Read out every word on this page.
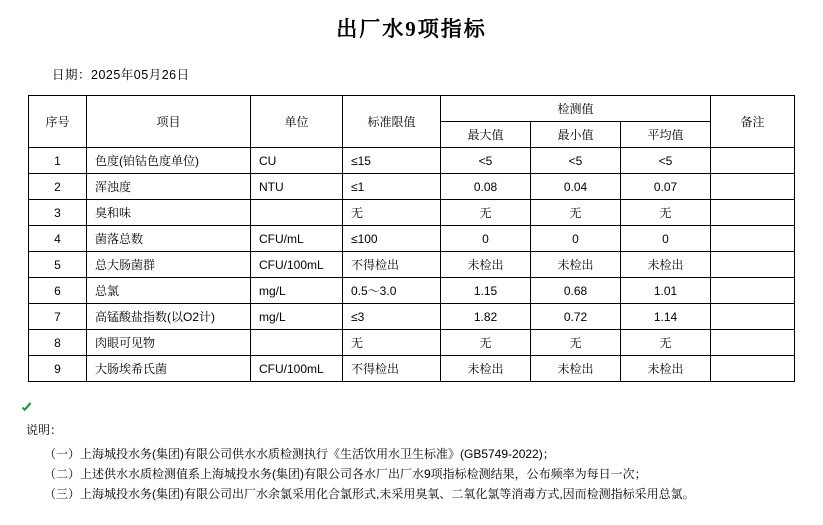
出厂水9项指标
日期：2025年05月26日
序号	项目	单位	标准限值	检测值			备注
				最大值	最小值	平均值	
1	色度(铂钴色度单位)	CU	≤15	<5	<5	<5	
2	浑浊度	NTU	≤1	0.08	0.04	0.07	
3	臭和味		无	无	无	无	
4	菌落总数	CFU/mL	≤100	0	0	0	
5	总大肠菌群	CFU/100mL	不得检出	未检出	未检出	未检出	
6	总氯	mg/L	0.5～3.0	1.15	0.68	1.01	
7	高锰酸盐指数(以O2计)	mg/L	≤3	1.82	0.72	1.14	
8	肉眼可见物		无	无	无	无	
9	大肠埃希氏菌	CFU/100mL	不得检出	未检出	未检出	未检出	
说明：
（一）上海城投水务(集团)有限公司供水水质检测执行《生活饮用水卫生标准》(GB5749-2022)；
（二）上述供水水质检测值系上海城投水务(集团)有限公司各水厂出厂水9项指标检测结果，公布频率为每日一次；
（三）上海城投水务(集团)有限公司出厂水余氯采用化合氯形式,未采用臭氧、二氧化氯等消毒方式,因而检测指标采用总氯。
